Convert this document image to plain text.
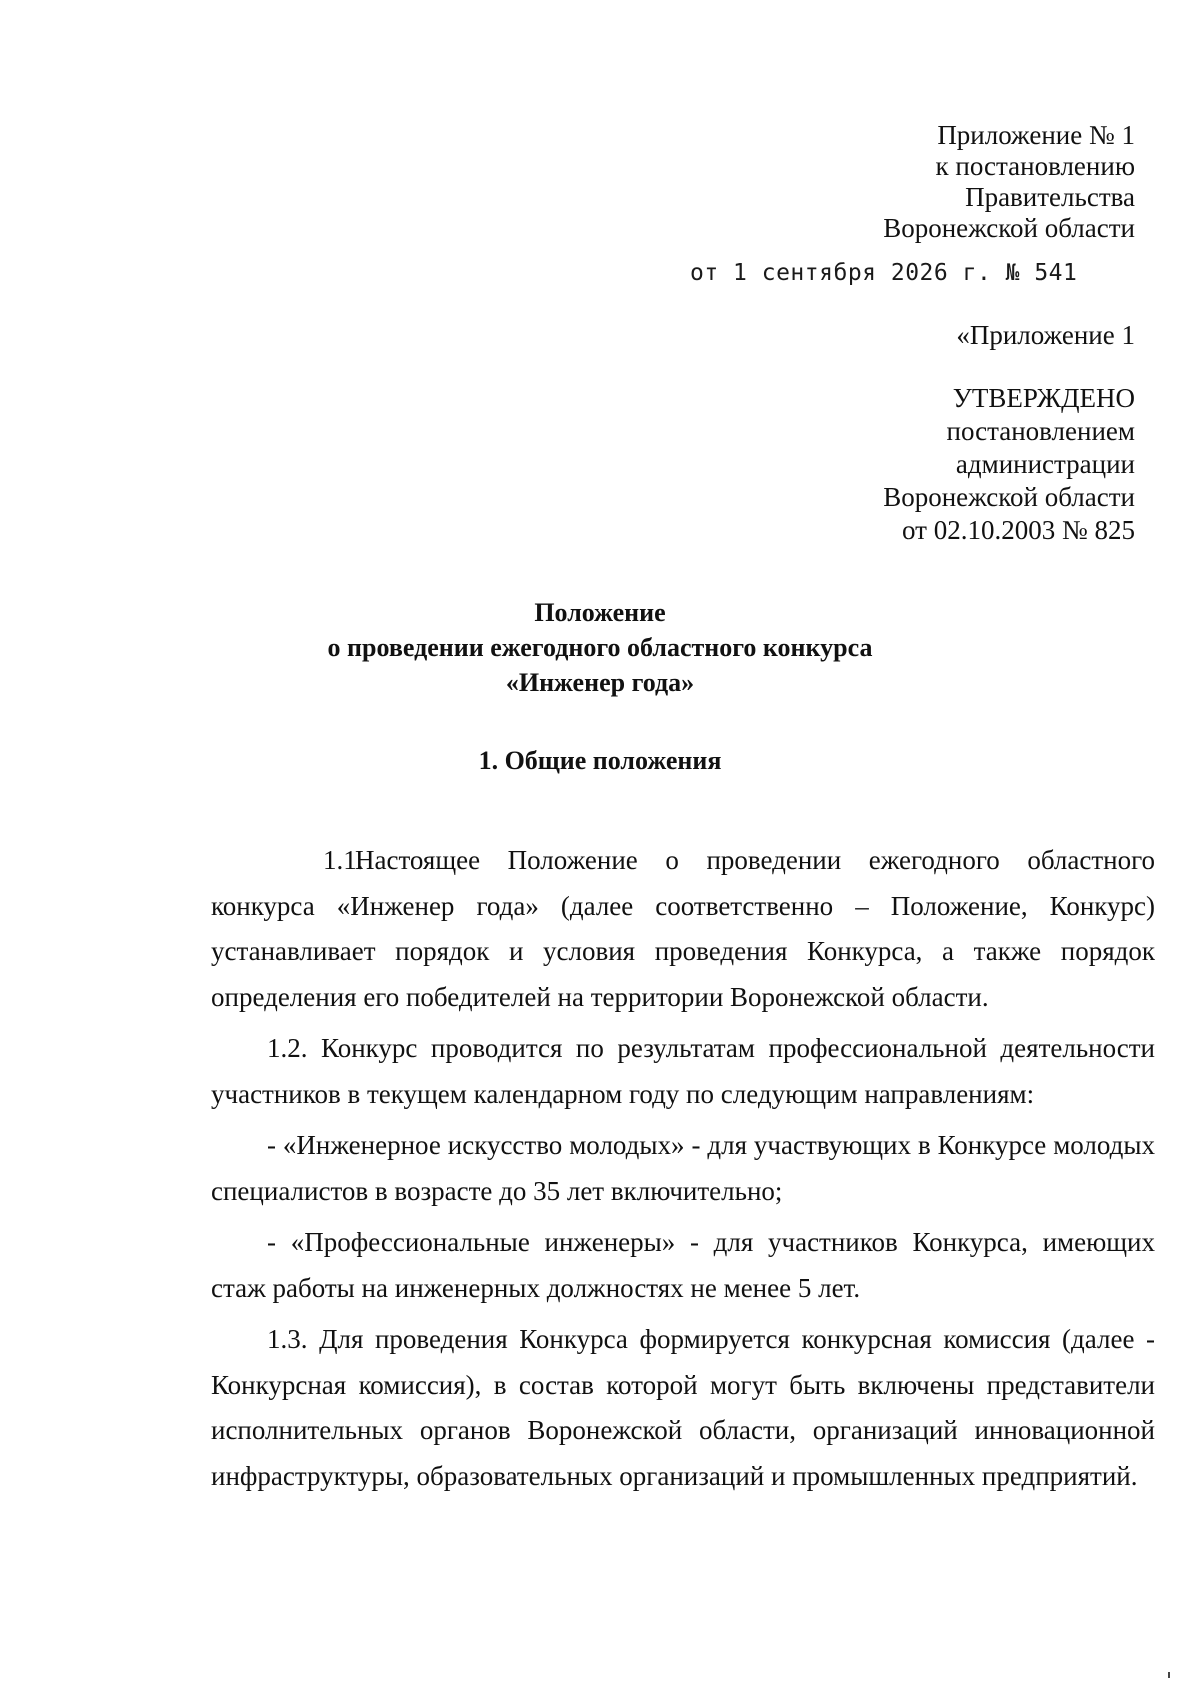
Приложение № 1
к постановлению
Правительства
Воронежской области
от 1 сентября 2026 г. № 541
«Приложение 1
УТВЕРЖДЕНО
постановлением
администрации
Воронежской области
от 02.10.2003 № 825
Положение
о проведении ежегодного областного конкурса
«Инженер года»
1. Общие положения

1.1.Настоящее Положение о проведении ежегодного областного конкурса «Инженер года» (далее соответственно – Положение, Конкурс) устанавливает порядок и условия проведения Конкурса, а также порядок определения его победителей на территории Воронежской области.

1.2. Конкурс проводится по результатам профессиональной деятельности участников в текущем календарном году по следующим направлениям:

- «Инженерное искусство молодых» - для участвующих в Конкурсе молодых специалистов в возрасте до 35 лет включительно;

- «Профессиональные инженеры» - для участников Конкурса, имеющих стаж работы на инженерных должностях не менее 5 лет.

1.3. Для проведения Конкурса формируется конкурсная комиссия (далее - Конкурсная комиссия), в состав которой могут быть включены представители исполнительных органов Воронежской области, организаций инновационной инфраструктуры, образовательных организаций и промышленных предприятий.
